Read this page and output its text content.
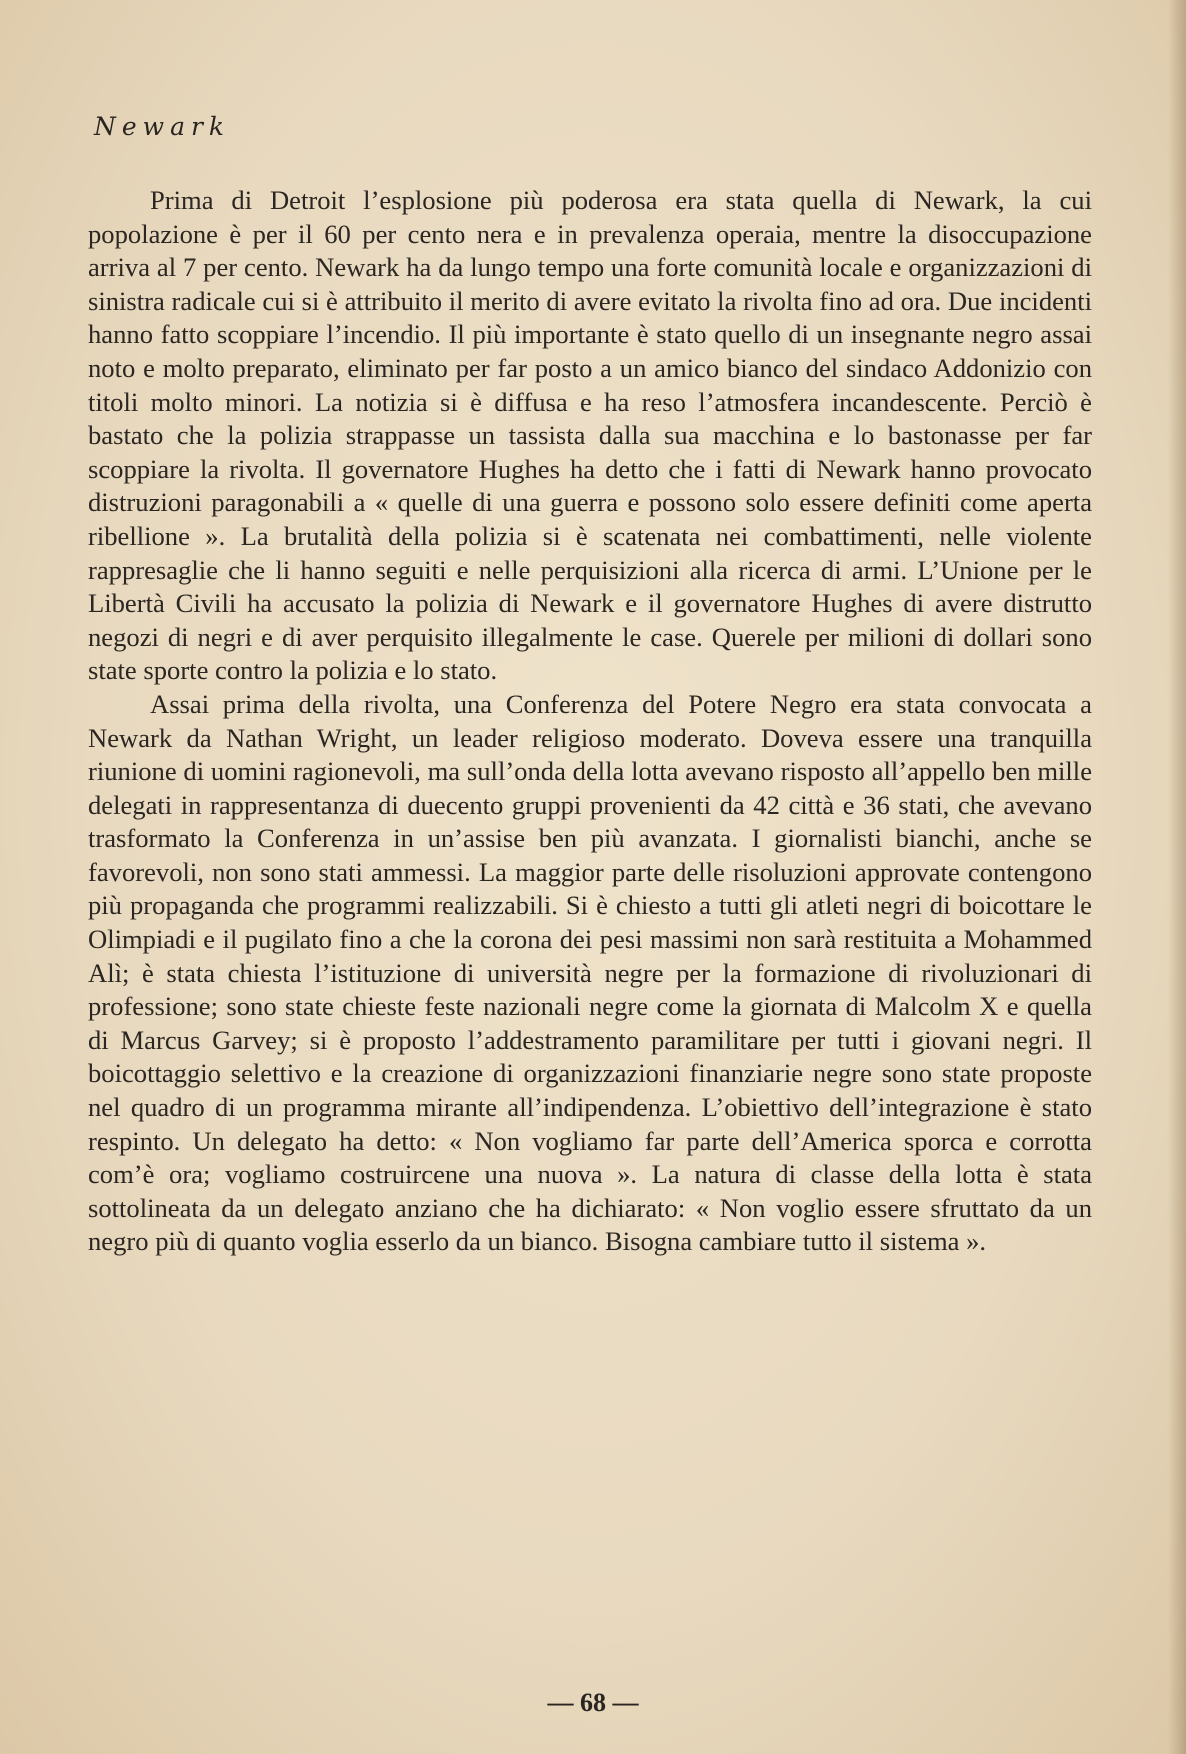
Newark

Prima di Detroit l’esplosione più poderosa era stata quella di Newark, la cui popolazione è per il 60 per cento nera e in prevalenza operaia, mentre la disoccupazione arriva al 7 per cento. Newark ha da lungo tempo una forte comunità locale e organizzazioni di sinistra radicale cui si è attribuito il merito di avere evitato la rivolta fino ad ora. Due incidenti hanno fatto scoppiare l’incendio. Il più importante è stato quello di un insegnante negro assai noto e molto preparato, eliminato per far posto a un amico bianco del sindaco Addonizio con titoli molto minori. La notizia si è diffusa e ha reso l’atmosfera incandescente. Perciò è bastato che la polizia strappasse un tassista dalla sua macchina e lo bastonasse per far scoppiare la rivolta. Il governatore Hughes ha detto che i fatti di Newark hanno provocato distruzioni paragonabili a « quelle di una guerra e possono solo essere definiti come aperta ribellione ». La brutalità della polizia si è scatenata nei combattimenti, nelle violente rappresaglie che li hanno seguiti e nelle perquisizioni alla ricerca di armi. L’Unione per le Libertà Civili ha accusato la polizia di Newark e il governatore Hughes di avere distrutto negozi di negri e di aver perquisito illegalmente le case. Querele per milioni di dollari sono state sporte contro la polizia e lo stato.

Assai prima della rivolta, una Conferenza del Potere Negro era stata convocata a Newark da Nathan Wright, un leader religioso moderato. Doveva essere una tranquilla riunione di uomini ragionevoli, ma sull’onda della lotta avevano risposto all’appello ben mille delegati in rappresentanza di duecento gruppi provenienti da 42 città e 36 stati, che avevano trasformato la Conferenza in un’assise ben più avanzata. I giornalisti bianchi, anche se favorevoli, non sono stati ammessi. La maggior parte delle risoluzioni approvate contengono più propaganda che programmi realizzabili. Si è chiesto a tutti gli atleti negri di boicottare le Olimpiadi e il pugilato fino a che la corona dei pesi massimi non sarà restituita a Mohammed Alì; è stata chiesta l’istituzione di università negre per la formazione di rivoluzionari di professione; sono state chieste feste nazionali negre come la giornata di Malcolm X e quella di Marcus Garvey; si è proposto l’addestramento paramilitare per tutti i giovani negri. Il boicottaggio selettivo e la creazione di organizzazioni finanziarie negre sono state proposte nel quadro di un programma mirante all’indipendenza. L’obiettivo dell’integrazione è stato respinto. Un delegato ha detto: « Non vogliamo far parte dell’America sporca e corrotta com’è ora; vogliamo costruircene una nuova ». La natura di classe della lotta è stata sottolineata da un delegato anziano che ha dichiarato: « Non voglio essere sfruttato da un negro più di quanto voglia esserlo da un bianco. Bisogna cambiare tutto il sistema ».

— 68 —
